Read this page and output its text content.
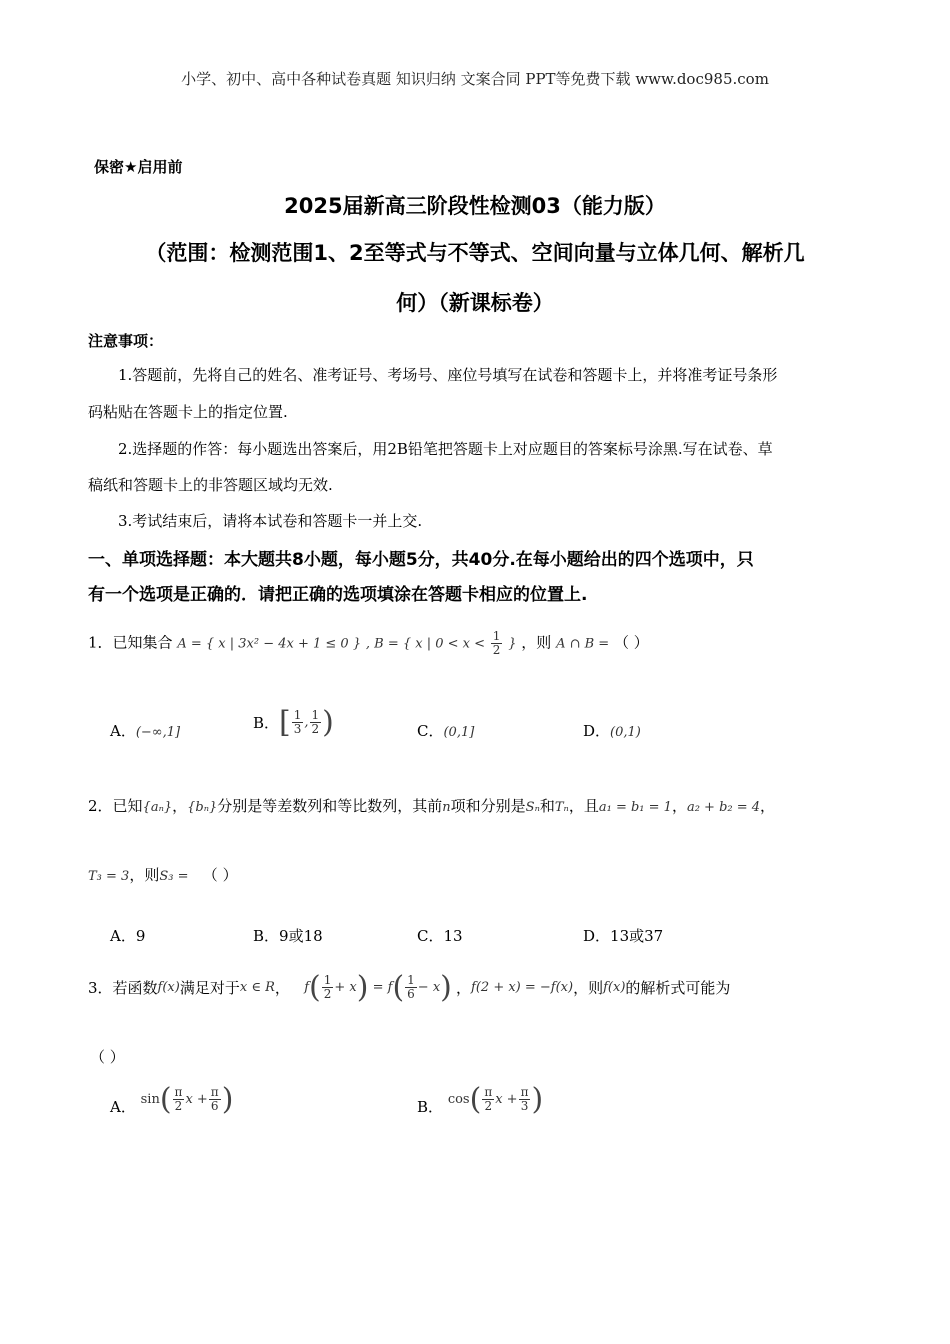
小学、初中、高中各种试卷真题 知识归纳 文案合同 PPT等免费下载 www.doc985.com
保密★启用前
2025届新高三阶段性检测03（能力版）
（范围：检测范围1、2至等式与不等式、空间向量与立体几何、解析几
何）（新课标卷）
注意事项：
1.答题前，先将自己的姓名、准考证号、考场号、座位号填写在试卷和答题卡上，并将准考证号条形
码粘贴在答题卡上的指定位置.
2.选择题的作答：每小题选出答案后，用2B铅笔把答题卡上对应题目的答案标号涂黑.写在试卷、草
稿纸和答题卡上的非答题区域均无效.
3.考试结束后，请将本试卷和答题卡一并上交.
一、单项选择题：本大题共8小题，每小题5分，共40分.在每小题给出的四个选项中，只
有一个选项是正确的．请把正确的选项填涂在答题卡相应的位置上.
1．已知集合 A = { x | 3x² − 4x + 1 ≤ 0 } , B = { x | $0 < x < \frac{1}{2}$ } ，则 A ∩ B = （ ）
A．(−∞,1]
B．[ $\frac{1}{3}$ , $\frac{1}{2}$ )	C．(0,1]	D．(0,1)
2．已知{aₙ}，{bₙ}分别是等差数列和等比数列，其前n项和分别是Sₙ和Tₙ，且a₁ = b₁ = 1，a₂ + b₂ = 4，
T₃ = 3，则S₃ = （ ）
A．9	B．9或18	C．13	D．13或37
3．若函数f(x)满足对于x ∈ R， $f( \frac{1}{2} + x) = f( \frac{1}{6} - x)$ ，f(2 + x) = −f(x)，则f(x)的解析式可能为
（ ）
A． $\sin( \frac{\pi}{2}$ $x + \frac{\pi}{6}$ )	B． $\cos( \frac{\pi}{2}$ $x + \frac{\pi}{3}$ )
